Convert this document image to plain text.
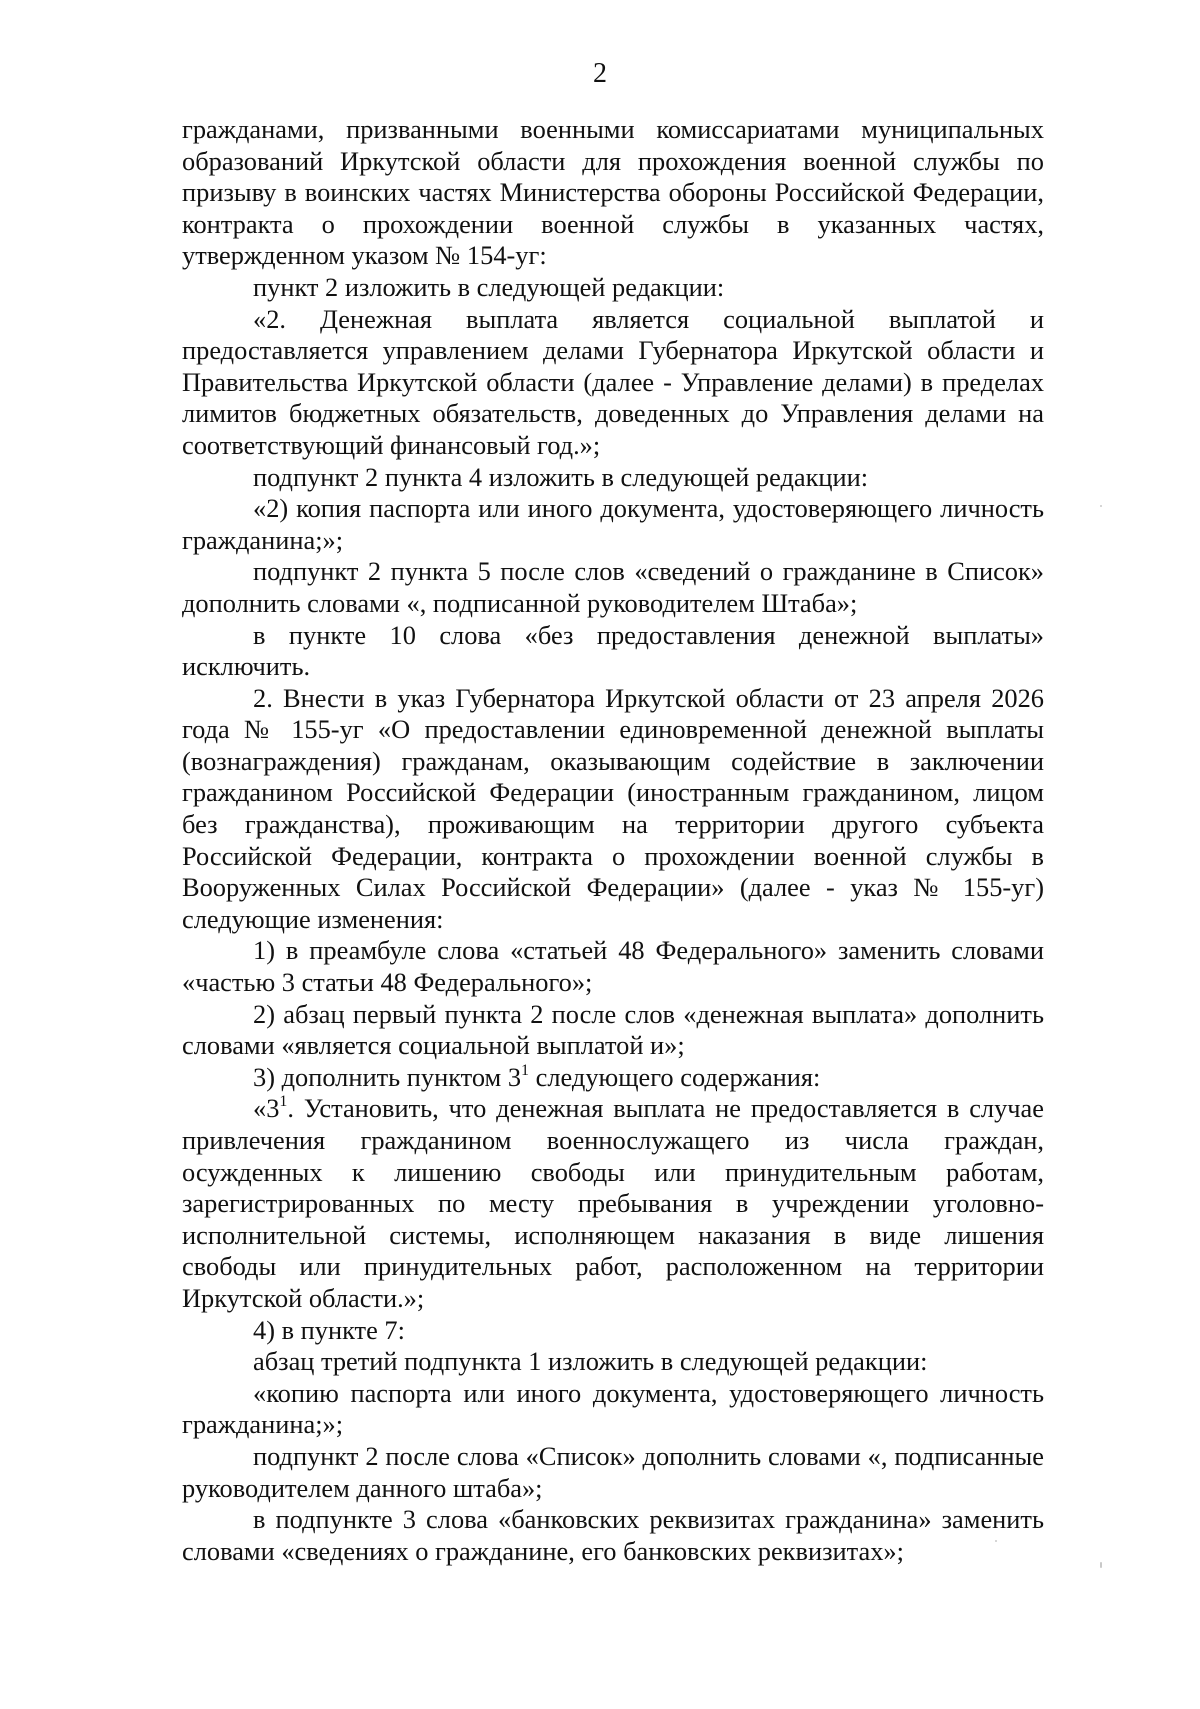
2

гражданами, призванными военными комиссариатами муниципальных образований Иркутской области для прохождения военной службы по призыву в воинских частях Министерства обороны Российской Федерации, контракта о прохождении военной службы в указанных частях, утвержденном указом № 154-уг:

пункт 2 изложить в следующей редакции:

«2. Денежная выплата является социальной выплатой и предоставляется управлением делами Губернатора Иркутской области и Правительства Иркутской области (далее - Управление делами) в пределах лимитов бюджетных обязательств, доведенных до Управления делами на соответствующий финансовый год.»;

подпункт 2 пункта 4 изложить в следующей редакции:

«2) копия паспорта или иного документа, удостоверяющего личность гражданина;»;

подпункт 2 пункта 5 после слов «сведений о гражданине в Список» дополнить словами «, подписанной руководителем Штаба»;

в пункте 10 слова «без предоставления денежной выплаты» исключить.

2. Внести в указ Губернатора Иркутской области от 23 апреля 2026 года № 155-уг «О предоставлении единовременной денежной выплаты (вознаграждения) гражданам, оказывающим содействие в заключении гражданином Российской Федерации (иностранным гражданином, лицом без гражданства), проживающим на территории другого субъекта Российской Федерации, контракта о прохождении военной службы в Вооруженных Силах Российской Федерации» (далее - указ № 155-уг) следующие изменения:

1) в преамбуле слова «статьей 48 Федерального» заменить словами «частью 3 статьи 48 Федерального»;

2) абзац первый пункта 2 после слов «денежная выплата» дополнить словами «является социальной выплатой и»;

3) дополнить пунктом $3^1$ следующего содержания:

«$3^1$. Установить, что денежная выплата не предоставляется в случае привлечения гражданином военнослужащего из числа граждан, осужденных к лишению свободы или принудительным работам, зарегистрированных по месту пребывания в учреждении уголовно-исполнительной системы, исполняющем наказания в виде лишения свободы или принудительных работ, расположенном на территории Иркутской области.»;

4) в пункте 7:

абзац третий подпункта 1 изложить в следующей редакции:

«копию паспорта или иного документа, удостоверяющего личность гражданина;»;

подпункт 2 после слова «Список» дополнить словами «, подписанные руководителем данного штаба»;

в подпункте 3 слова «банковских реквизитах гражданина» заменить словами «сведениях о гражданине, его банковских реквизитах»;
